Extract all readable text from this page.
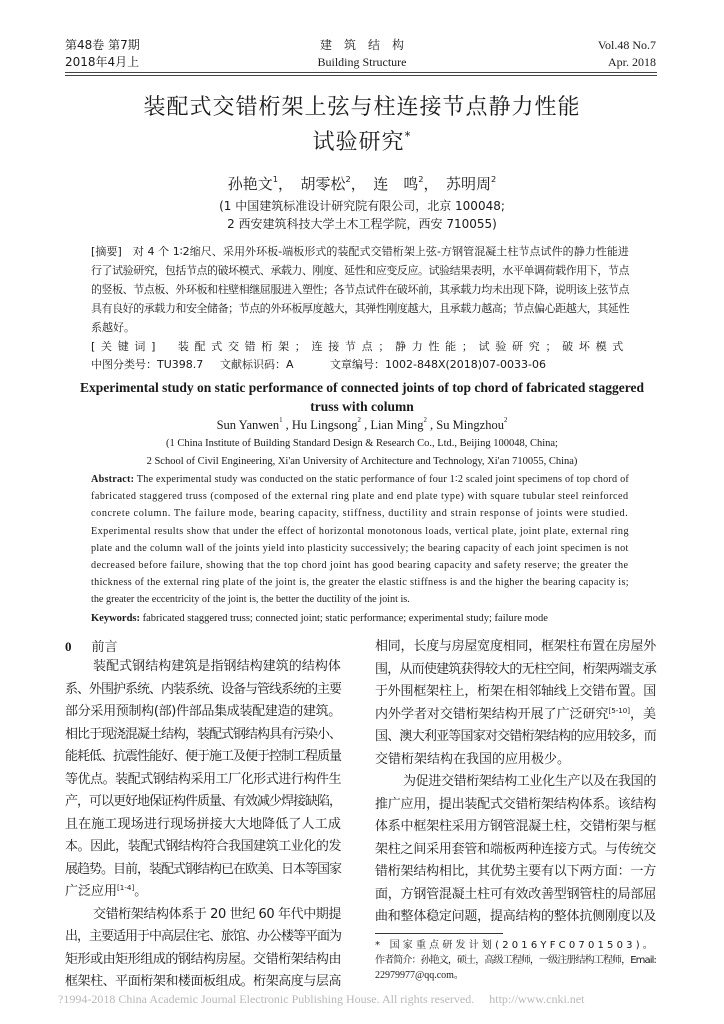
第48卷 第7期
2018年4月上
建　筑　结　构
Building Structure
Vol.48 No.7
Apr. 2018
装配式交错桁架上弦与柱连接节点静力性能
试验研究*
孙艳文$^1$，　胡零松$^2$，　连　鸣$^2$，　苏明周$^2$
(1 中国建筑标准设计研究院有限公司，北京 100048;
2 西安建筑科技大学土木工程学院，西安 710055)
[摘要]　对 4 个 1∶2缩尺、采用外环板-端板形式的装配式交错桁架上弦-方钢管混凝土柱节点试件的静力性能进
行了试验研究，包括节点的破坏模式、承载力、刚度、延性和应变反应。试验结果表明，水平单调荷载作用下，节点
的竖板、节点板、外环板和柱壁相继屈服进入塑性；各节点试件在破坏前，其承载力均未出现下降，说明该上弦节点
具有良好的承载力和安全储备；节点的外环板厚度越大，其弹性刚度越大，且承载力越高；节点偏心距越大，其延性
系越好。
[关键词]　装配式交错桁架；连接节点；静力性能；试验研究；破坏模式
中图分类号：TU398.7 文献标识码：A	文章编号：1002-848X(2018)07-0033-06
Experimental study on static performance of connected joints of top chord of fabricated staggered
truss with column
Sun Yanwen$^1$ , Hu Lingsong$^2$ , Lian Ming$^2$ , Su Mingzhou$^2$
(1 China Institute of Building Standard Design & Research Co., Ltd., Beijing 100048, China;
2 School of Civil Engineering, Xi'an University of Architecture and Technology, Xi'an 710055, China)
Abstract: The experimental study was conducted on the static performance of four 1∶2 scaled joint specimens of top chord of
fabricated staggered truss (composed of the external ring plate and end plate type) with square tubular steel reinforced
concrete column. The failure mode, bearing capacity, stiffness, ductility and strain response of joints were studied.
Experimental results show that under the effect of horizontal monotonous loads, vertical plate, joint plate, external ring
plate and the column wall of the joints yield into plasticity successively; the bearing capacity of each joint specimen is not
decreased before failure, showing that the top chord joint has good bearing capacity and safety reserve; the greater the
thickness of the external ring plate of the joint is, the greater the elastic stiffness is and the higher the bearing capacity is;
the greater the eccentricity of the joint is, the better the ductility of the joint is.
Keywords: fabricated staggered truss; connected joint; static performance; experimental study; failure mode
0 前言
装配式钢结构建筑是指钢结构建筑的结构体
系、外围护系统、内装系统、设备与管线系统的主要
部分采用预制构(部)件部品集成装配建造的建筑。
相比于现浇混凝土结构，装配式钢结构具有污染小、
能耗低、抗震性能好、便于施工及便于控制工程质量
等优点。装配式钢结构采用工厂化形式进行构件生
产，可以更好地保证构件质量、有效减少焊接缺陷，
且在施工现场进行现场拼接大大地降低了人工成
本。因此，装配式钢结构符合我国建筑工业化的发
展趋势。目前，装配式钢结构已在欧美、日本等国家
广泛应用[1-4]。
交错桁架结构体系于 20 世纪 60 年代中期提
出，主要适用于中高层住宅、旅馆、办公楼等平面为
矩形或由矩形组成的钢结构房屋。交错桁架结构由
框架柱、平面桁架和楼面板组成。桁架高度与层高
相同，长度与房屋宽度相同，框架柱布置在房屋外
围，从而使建筑获得较大的无柱空间，桁架两端支承
于外围框架柱上，桁架在相邻轴线上交错布置。国
内外学者对交错桁架结构开展了广泛研究[5-10]，美
国、澳大利亚等国家对交错桁架结构的应用较多，而
交错桁架结构在我国的应用极少。
为促进交错桁架结构工业化生产以及在我国的
推广应用，提出装配式交错桁架结构体系。该结构
体系中框架柱采用方钢管混凝土柱，交错桁架与框
架柱之间采用套管和端板两种连接方式。与传统交
错桁架结构相比，其优势主要有以下两方面：一方
面，方钢管混凝土柱可有效改善型钢管柱的局部屈
曲和整体稳定问题，提高结构的整体抗侧刚度以及
* 国家重点研发计划(2016YFC0701503)。
作者简介：孙艳文，硕士，高级工程师，一级注册结构工程师，Email:
22979977@qq.com。
?1994-2018 China Academic Journal Electronic Publishing House. All rights reserved.　 http://www.cnki.net
